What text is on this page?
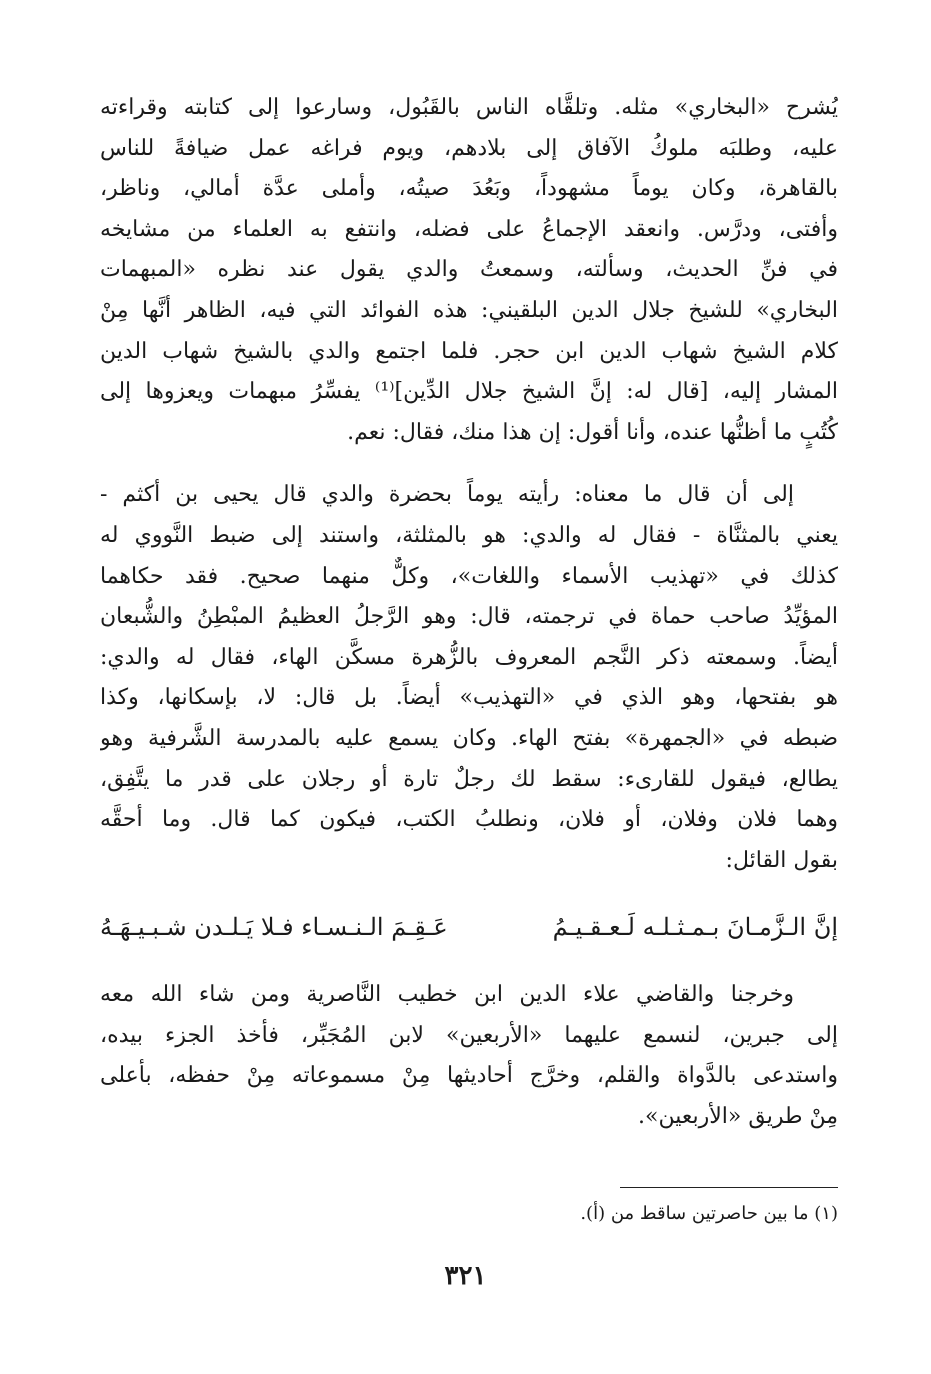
يُشرح «البخاري» مثله. وتلقَّاه الناس بالقَبُول، وسارعوا إلى كتابته وقراءته

عليه، وطلبَه ملوكُ الآفاق إلى بلادهم، ويوم فراغه عمل ضيافةً للناس

بالقاهرة، وكان يوماً مشهوداً، وبَعُدَ صيتُه، وأملى عدَّة أمالي، وناظر،

وأفتى، ودرَّس. وانعقد الإجماعُ على فضله، وانتفع به العلماء من مشايخه

في فنِّ الحديث، وسألته، وسمعتُ والدي يقول عند نظره «المبهمات

البخاري» للشيخ جلال الدين البلقيني: هذه الفوائد التي فيه، الظاهر أنَّها مِنْ

كلام الشيخ شهاب الدين ابن حجر. فلما اجتمع والدي بالشيخ شهاب الدين

المشار إليه، [قال له: إنَّ الشيخ جلال الدِّين]⁽¹⁾ يفسِّرُ مبهمات ويعزوها إلى

كُتُبٍ ما أظنُّها عنده، وأنا أقول: إن هذا منك، فقال: نعم.

إلى أن قال ما معناه: رأيته يوماً بحضرة والدي قال يحيى بن أكثم -

يعني بالمثنَّاة - فقال له والدي: هو بالمثلثة، واستند إلى ضبط النَّووي له

كذلك في «تهذيب الأسماء واللغات»، وكلٌّ منهما صحيح. فقد حكاهما

المؤيِّدُ صاحب حماة في ترجمته، قال: وهو الرَّجلُ العظيمُ المبْطِنُ والشُّبعان

أيضاً. وسمعته ذكر النَّجم المعروف بالزُّهرة مسكَّن الهاء، فقال له والدي:

هو بفتحها، وهو الذي في «التهذيب» أيضاً. بل قال: لا، بإسكانها، وكذا

ضبطه في «الجمهرة» بفتح الهاء. وكان يسمع عليه بالمدرسة الشَّرفية وهو

يطالع، فيقول للقارىء: سقط لك رجلٌ تارة أو رجلان على قدر ما يتَّفِق،

وهما فلان وفلان، أو فلان، ونطلبُ الكتب، فيكون كما قال. وما أحقَّه

بقول القائل:

إنَّ الـزَّمـانَ بـمـثـلـه لَـعـقـيـمُ
عَـقِـمَ الـنـسـاء فـلا يَـلـدن شـبـيـهَـهُ

وخرجنا والقاضي علاء الدين ابن خطيب النَّاصرية ومن شاء الله معه

إلى جبرين، لنسمع عليهما «الأربعين» لابن المُجَبِّر، فأخذ الجزء بيده،

واستدعى بالدَّواة والقلم، وخرَّج أحاديثها مِنْ مسموعاته مِنْ حفظه، بأعلى

مِنْ طريق «الأربعين».

(١) ما بين حاصرتين ساقط من (أ).
٣٢١
